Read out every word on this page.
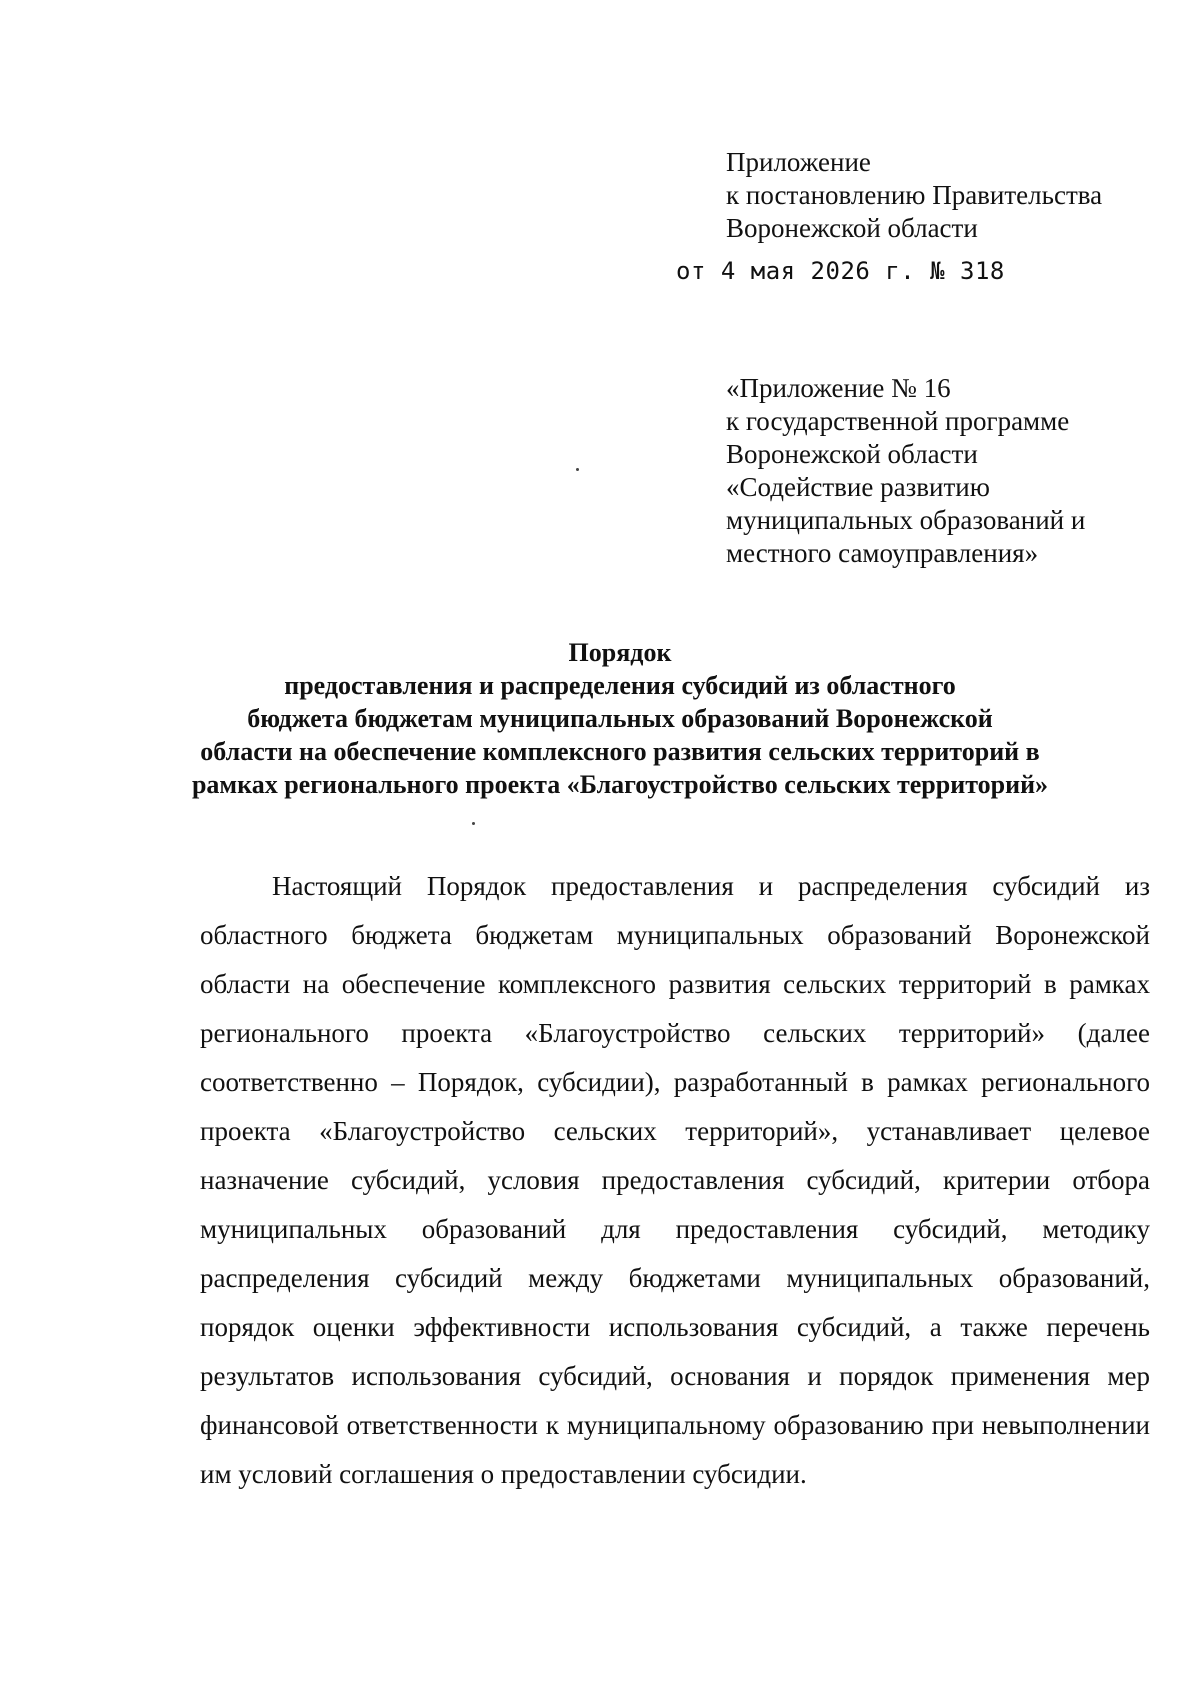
Приложение
к постановлению Правительства
Воронежской области
от 4 мая 2026 г. № 318
«Приложение № 16
к государственной программе
Воронежской области
«Содействие развитию
муниципальных образований и
местного самоуправления»
Порядок
предоставления и распределения субсидий из областного
бюджета бюджетам муниципальных образований Воронежской
области на обеспечение комплексного развития сельских территорий в
рамках регионального проекта «Благоустройство сельских территорий»
Настоящий Порядок предоставления и распределения субсидий из областного бюджета бюджетам муниципальных образований Воронежской области на обеспечение комплексного развития сельских территорий в рамках регионального проекта «Благоустройство сельских территорий» (далее соответственно – Порядок, субсидии), разработанный в рамках регионального проекта «Благоустройство сельских территорий», устанавливает целевое назначение субсидий, условия предоставления субсидий, критерии отбора муниципальных образований для предоставления субсидий, методику распределения субсидий между бюджетами муниципальных образований, порядок оценки эффективности использования субсидий, а также перечень результатов использования субсидий, основания и порядок применения мер финансовой ответственности к муниципальному образованию при невыполнении им условий соглашения о предоставлении субсидии.
